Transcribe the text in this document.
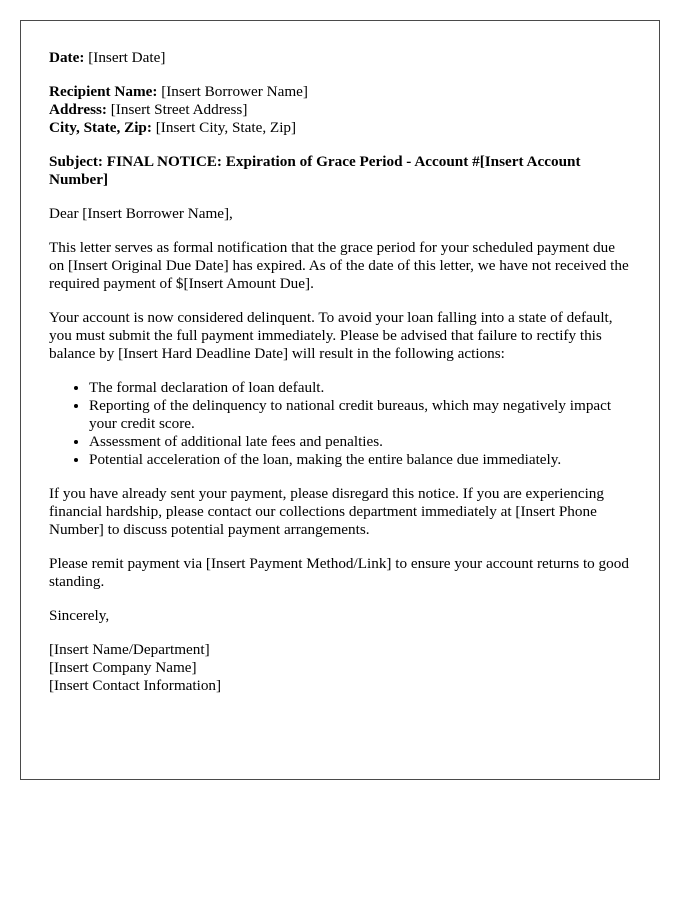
Date: [Insert Date]

Recipient Name: [Insert Borrower Name]
Address: [Insert Street Address]
City, State, Zip: [Insert City, State, Zip]

Subject: FINAL NOTICE: Expiration of Grace Period - Account #[Insert Account Number]

Dear [Insert Borrower Name],

This letter serves as formal notification that the grace period for your scheduled payment due on [Insert Original Due Date] has expired. As of the date of this letter, we have not received the required payment of $[Insert Amount Due].

Your account is now considered delinquent. To avoid your loan falling into a state of default, you must submit the full payment immediately. Please be advised that failure to rectify this balance by [Insert Hard Deadline Date] will result in the following actions:

• The formal declaration of loan default.
• Reporting of the delinquency to national credit bureaus, which may negatively impact your credit score.
• Assessment of additional late fees and penalties.
• Potential acceleration of the loan, making the entire balance due immediately.

If you have already sent your payment, please disregard this notice. If you are experiencing financial hardship, please contact our collections department immediately at [Insert Phone Number] to discuss potential payment arrangements.

Please remit payment via [Insert Payment Method/Link] to ensure your account returns to good standing.

Sincerely,

[Insert Name/Department]
[Insert Company Name]
[Insert Contact Information]
